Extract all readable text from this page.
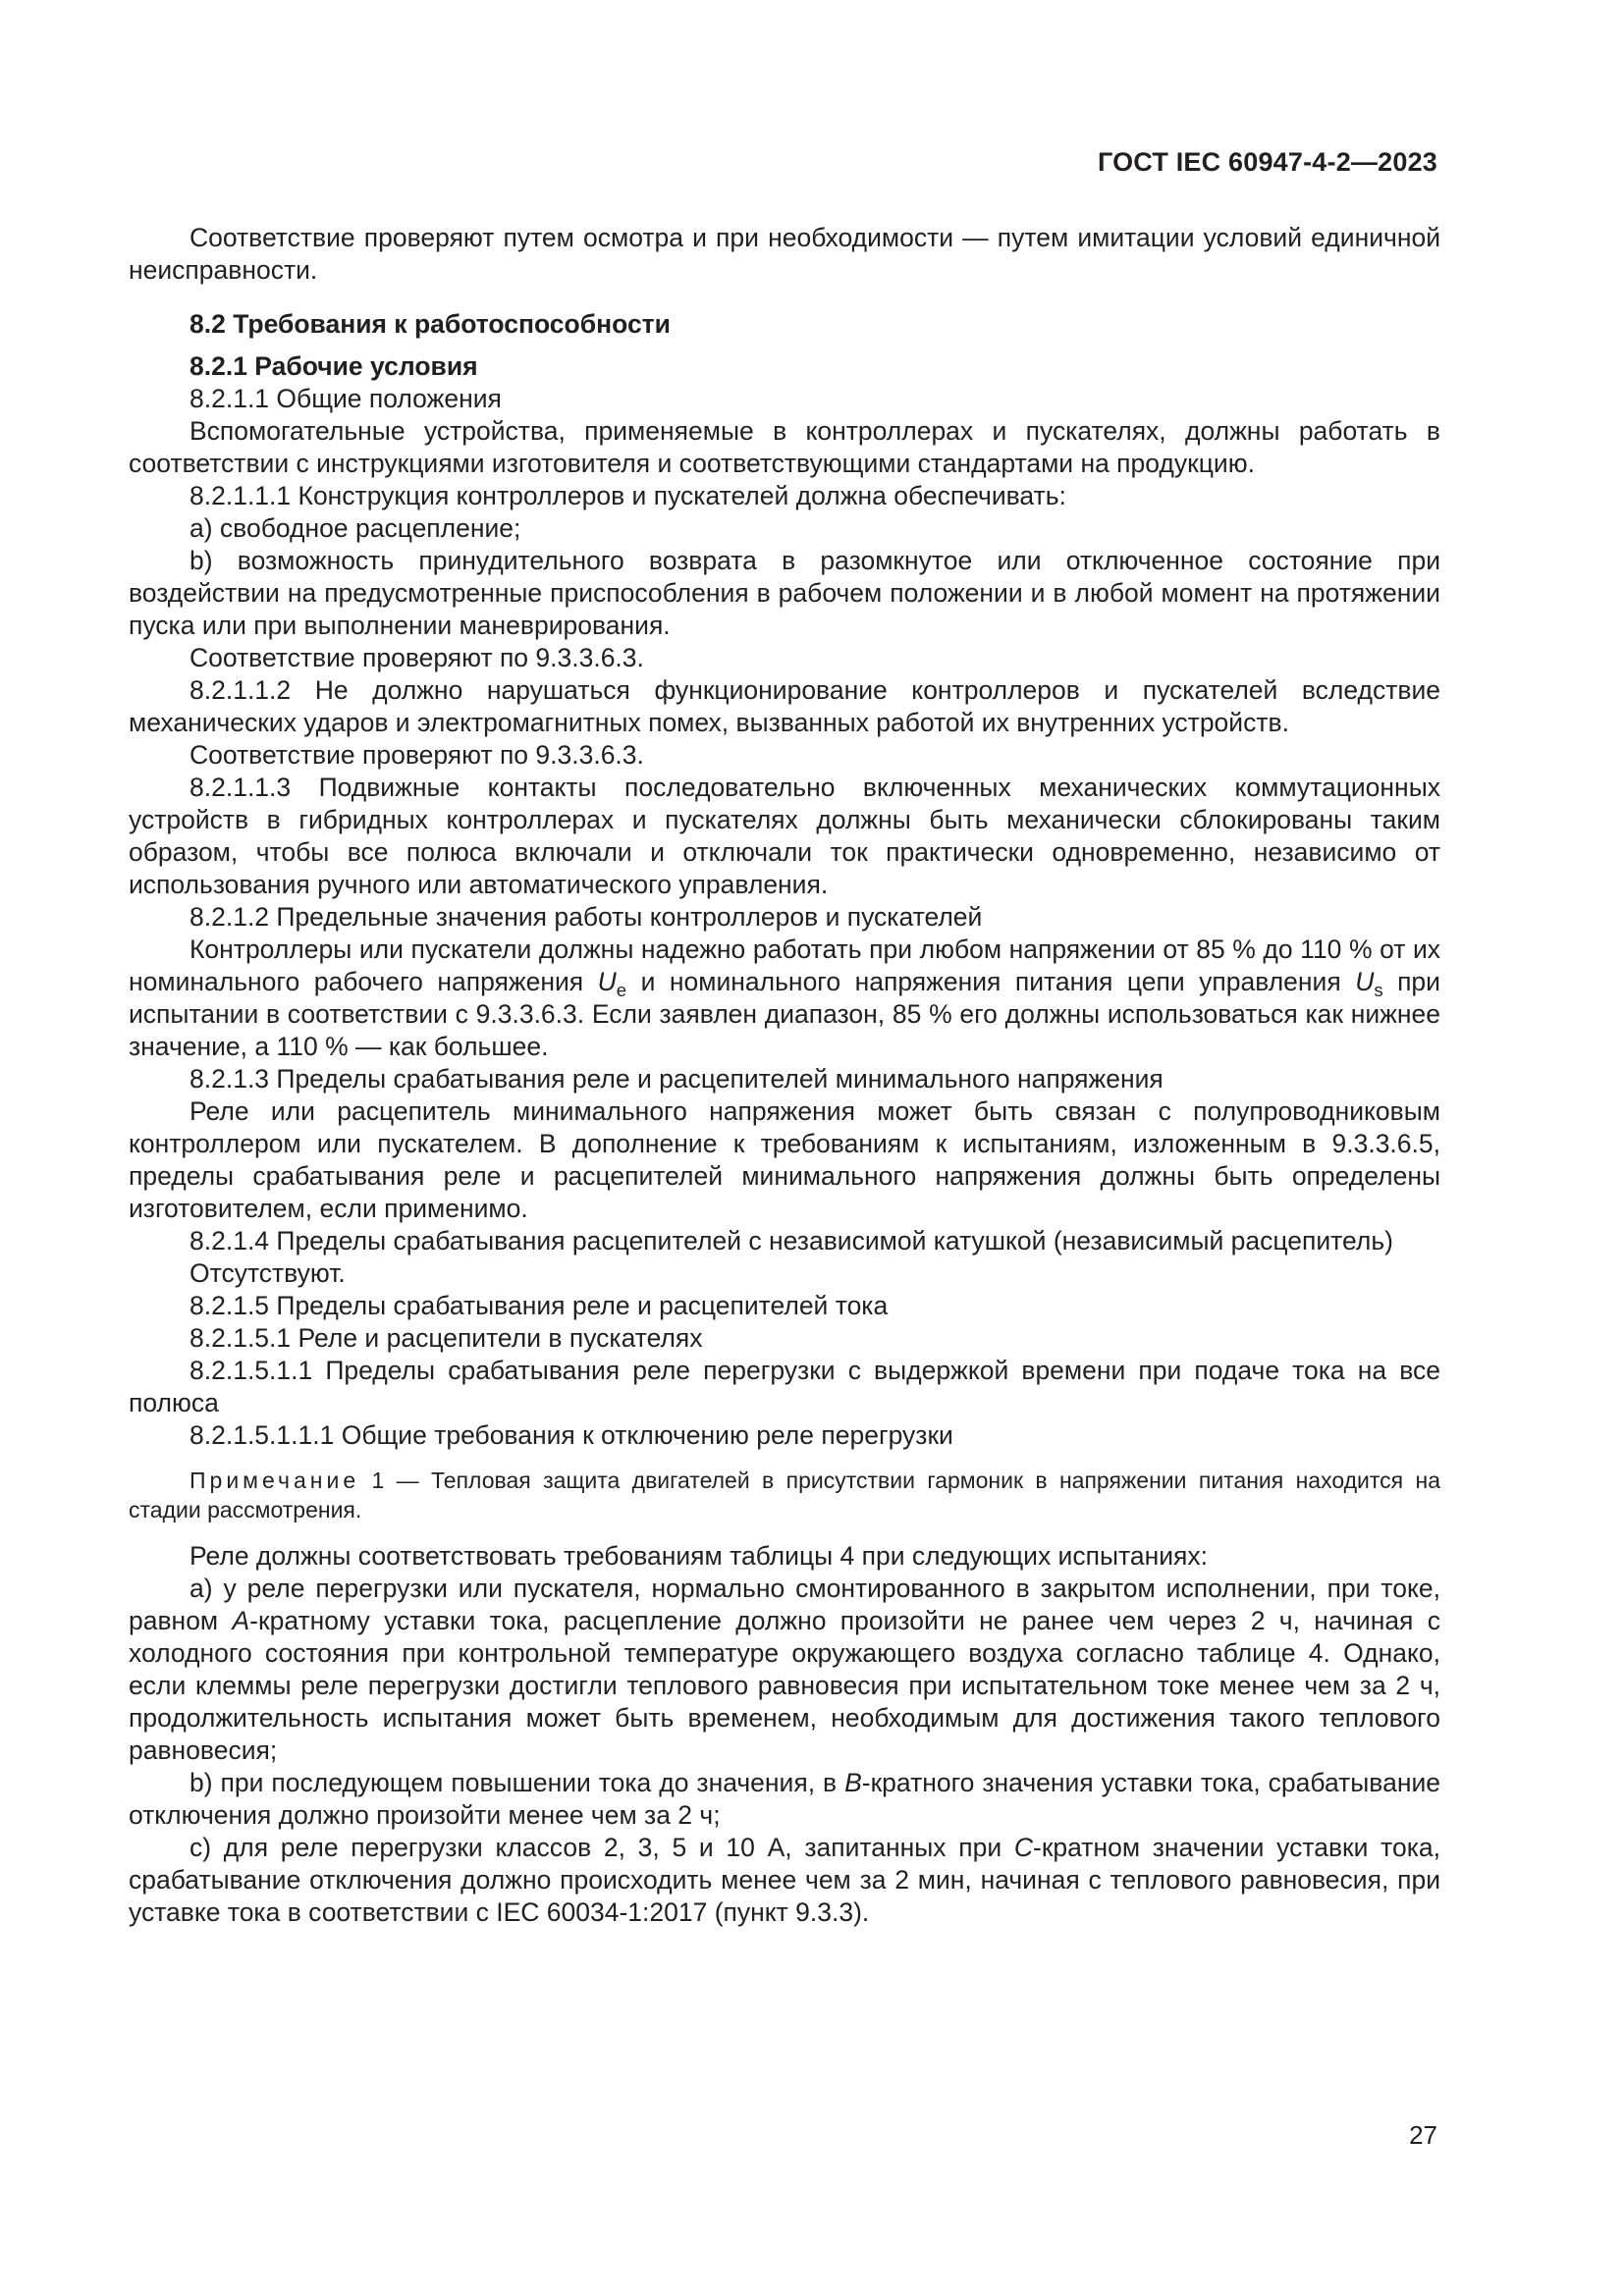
ГОСТ IEC 60947-4-2—2023

Соответствие проверяют путем осмотра и при необходимости — путем имитации условий единичной неисправности.

8.2 Требования к работоспособности

8.2.1 Рабочие условия

8.2.1.1 Общие положения

Вспомогательные устройства, применяемые в контроллерах и пускателях, должны работать в соответствии с инструкциями изготовителя и соответствующими стандартами на продукцию.

8.2.1.1.1 Конструкция контроллеров и пускателей должна обеспечивать:

a) свободное расцепление;

b) возможность принудительного возврата в разомкнутое или отключенное состояние при воздействии на предусмотренные приспособления в рабочем положении и в любой момент на протяжении пуска или при выполнении маневрирования.

Соответствие проверяют по 9.3.3.6.3.

8.2.1.1.2 Не должно нарушаться функционирование контроллеров и пускателей вследствие механических ударов и электромагнитных помех, вызванных работой их внутренних устройств.

Соответствие проверяют по 9.3.3.6.3.

8.2.1.1.3 Подвижные контакты последовательно включенных механических коммутационных устройств в гибридных контроллерах и пускателях должны быть механически сблокированы таким образом, чтобы все полюса включали и отключали ток практически одновременно, независимо от использования ручного или автоматического управления.

8.2.1.2 Предельные значения работы контроллеров и пускателей

Контроллеры или пускатели должны надежно работать при любом напряжении от 85 % до 110 % от их номинального рабочего напряжения $U_e$ и номинального напряжения питания цепи управления $U_s$ при испытании в соответствии с 9.3.3.6.3. Если заявлен диапазон, 85 % его должны использоваться как нижнее значение, а 110 % — как большее.

8.2.1.3 Пределы срабатывания реле и расцепителей минимального напряжения

Реле или расцепитель минимального напряжения может быть связан с полупроводниковым контроллером или пускателем. В дополнение к требованиям к испытаниям, изложенным в 9.3.3.6.5, пределы срабатывания реле и расцепителей минимального напряжения должны быть определены изготовителем, если применимо.

8.2.1.4 Пределы срабатывания расцепителей с независимой катушкой (независимый расцепитель)

Отсутствуют.

8.2.1.5 Пределы срабатывания реле и расцепителей тока

8.2.1.5.1 Реле и расцепители в пускателях

8.2.1.5.1.1 Пределы срабатывания реле перегрузки с выдержкой времени при подаче тока на все полюса

8.2.1.5.1.1.1 Общие требования к отключению реле перегрузки

Примечание 1 — Тепловая защита двигателей в присутствии гармоник в напряжении питания находится на стадии рассмотрения.

Реле должны соответствовать требованиям таблицы 4 при следующих испытаниях:

a) у реле перегрузки или пускателя, нормально смонтированного в закрытом исполнении, при токе, равном A-кратному уставки тока, расцепление должно произойти не ранее чем через 2 ч, начиная с холодного состояния при контрольной температуре окружающего воздуха согласно таблице 4. Однако, если клеммы реле перегрузки достигли теплового равновесия при испытательном токе менее чем за 2 ч, продолжительность испытания может быть временем, необходимым для достижения такого теплового равновесия;

b) при последующем повышении тока до значения, в B-кратного значения уставки тока, срабатывание отключения должно произойти менее чем за 2 ч;

c) для реле перегрузки классов 2, 3, 5 и 10 A, запитанных при C-кратном значении уставки тока, срабатывание отключения должно происходить менее чем за 2 мин, начиная с теплового равновесия, при уставке тока в соответствии с IEC 60034-1:2017 (пункт 9.3.3).

27
